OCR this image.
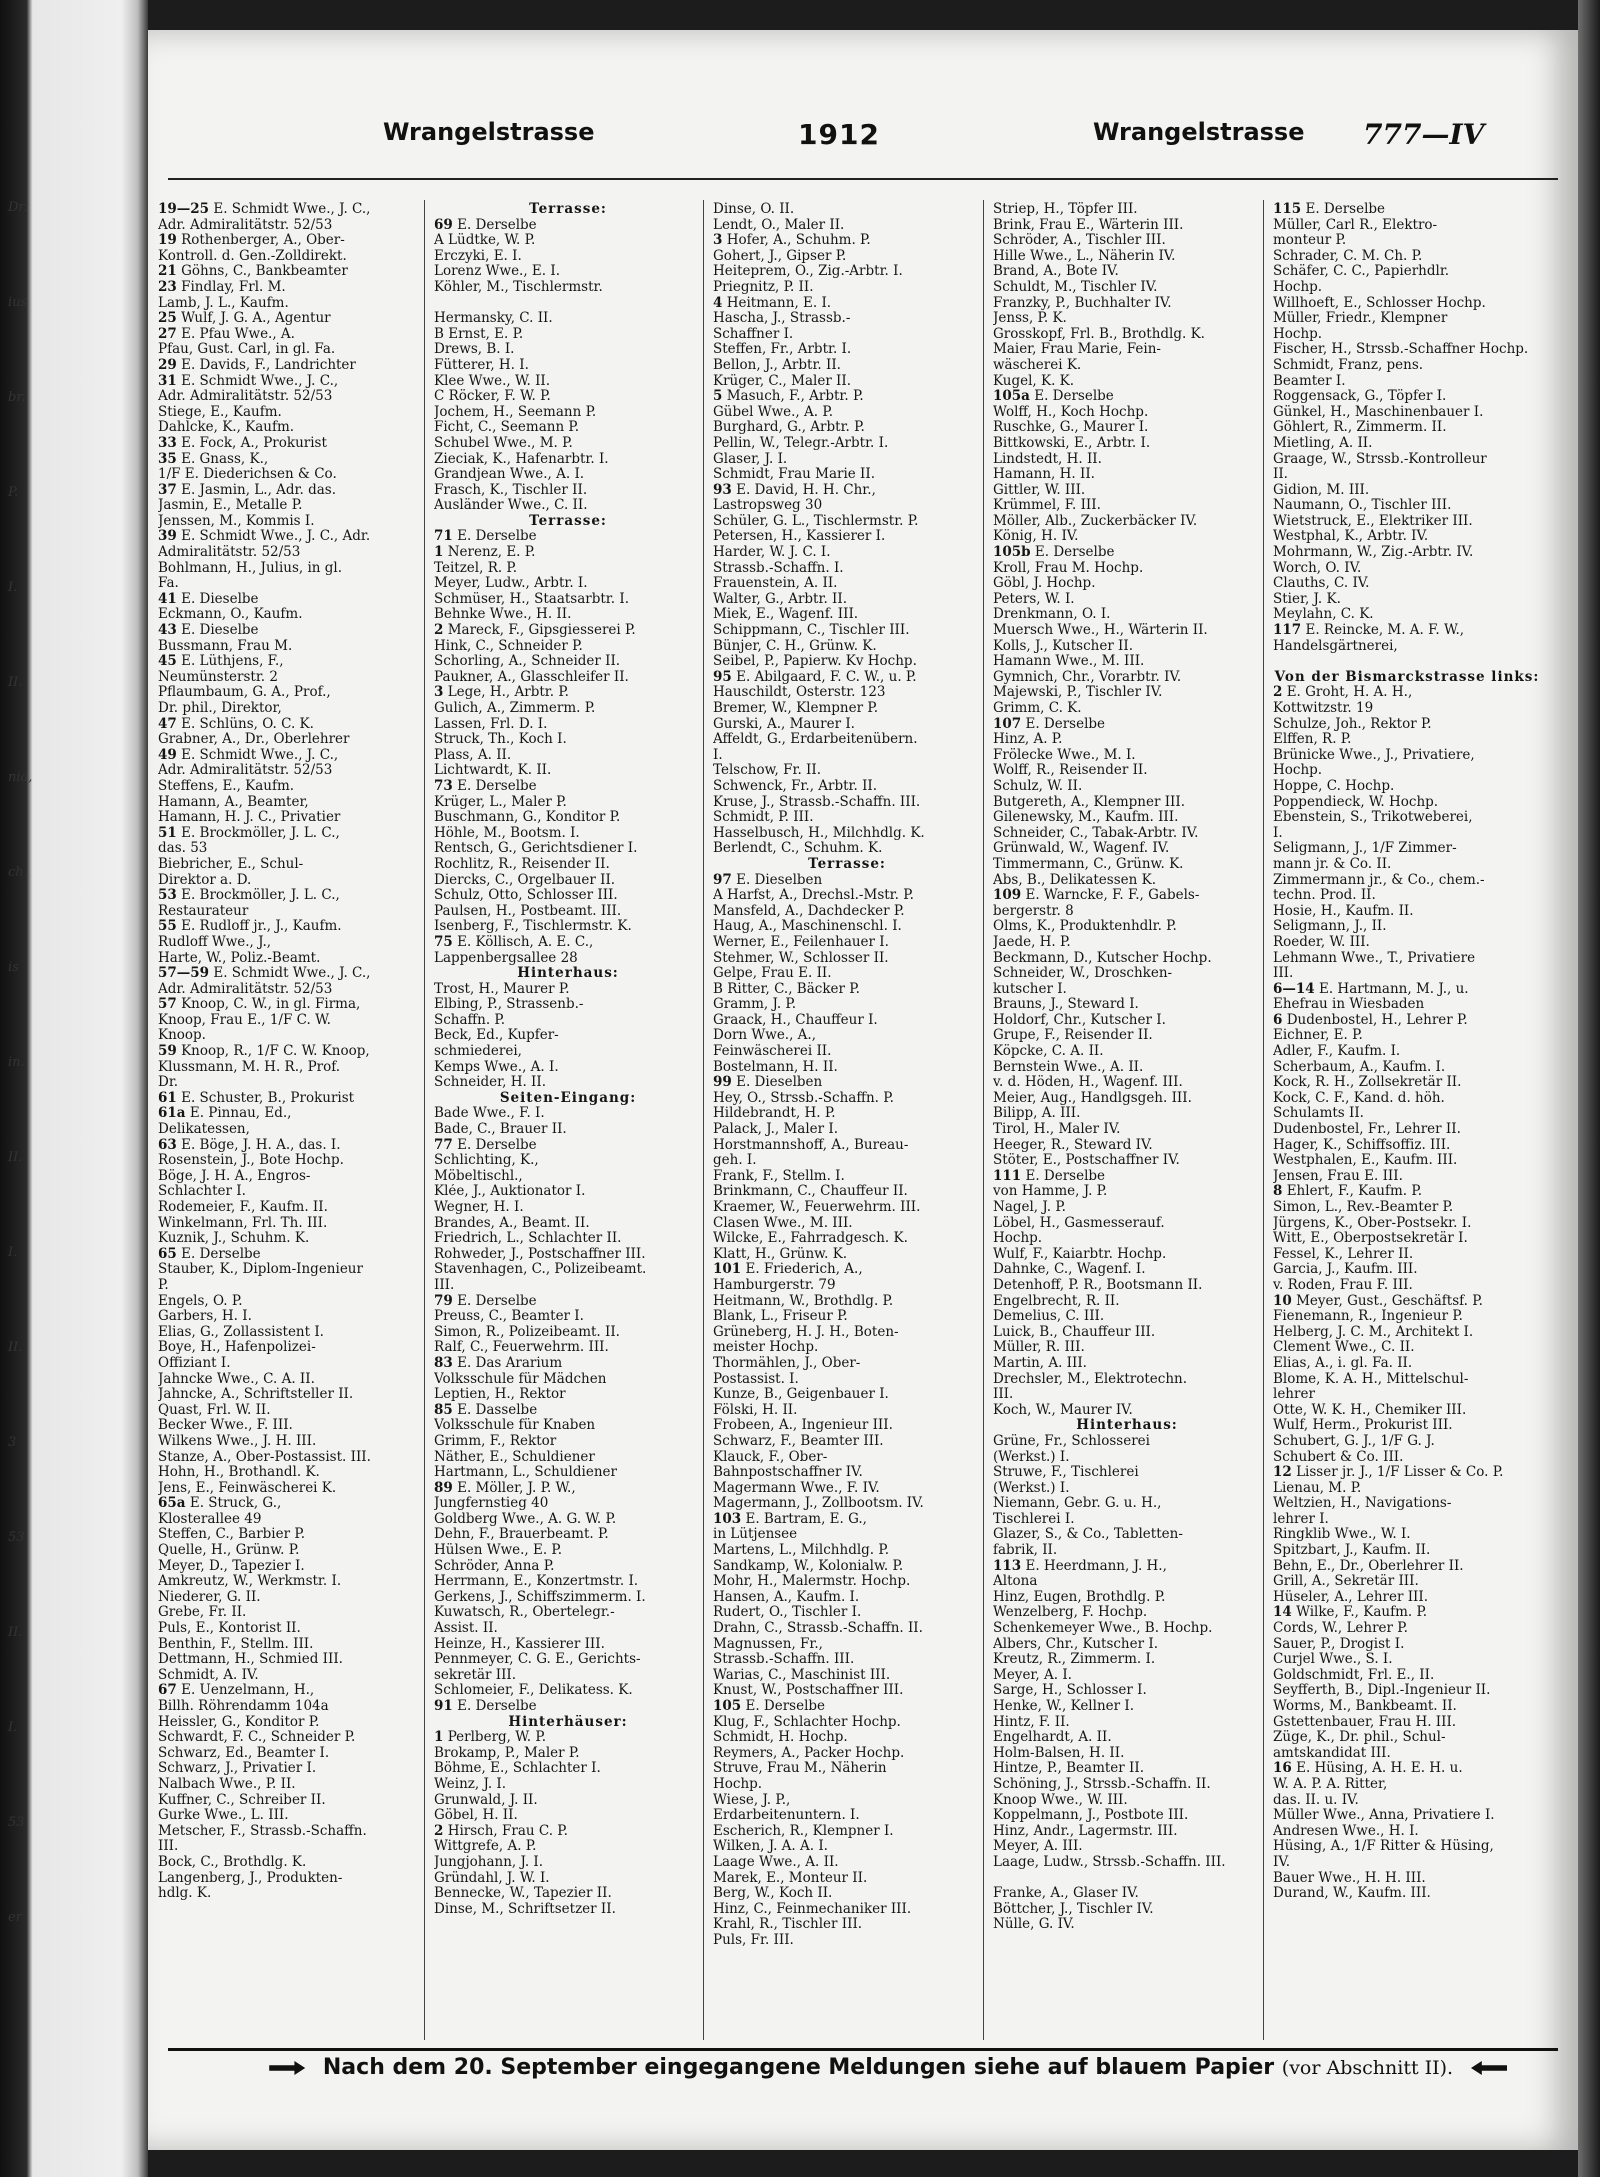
Dr.
ius
br.
P.
I.
II.
nia,
ch.
is
in.
II.
I.
II.
3
53
II.
I.
53
er
Wrangelstrasse	1912	Wrangelstrasse 777—IV
19—25 E. Schmidt Wwe., J. C.,
Adr. Admiralitätstr. 52/53
19 Rothenberger, A., Ober-
Kontroll. d. Gen.-Zolldirekt.
21 Göhns, C., Bankbeamter
23 Findlay, Frl. M.
Lamb, J. L., Kaufm.
25 Wulf, J. G. A., Agentur
27 E. Pfau Wwe., A.
Pfau, Gust. Carl, in gl. Fa.
29 E. Davids, F., Landrichter
31 E. Schmidt Wwe., J. C.,
Adr. Admiralitätstr. 52/53
Stiege, E., Kaufm.
Dahlcke, K., Kaufm.
33 E. Fock, A., Prokurist
35 E. Gnass, K.,
1/F E. Diederichsen & Co.
37 E. Jasmin, L., Adr. das.
Jasmin, E., Metalle P.
Jenssen, M., Kommis I.
39 E. Schmidt Wwe., J. C., Adr.
Admiralitätstr. 52/53
Bohlmann, H., Julius, in gl.
Fa.
41 E. Dieselbe
Eckmann, O., Kaufm.
43 E. Dieselbe
Bussmann, Frau M.
45 E. Lüthjens, F.,
Neumünsterstr. 2
Pflaumbaum, G. A., Prof.,
Dr. phil., Direktor,
47 E. Schlüns, O. C. K.
Grabner, A., Dr., Oberlehrer
49 E. Schmidt Wwe., J. C.,
Adr. Admiralitätstr. 52/53
Steffens, E., Kaufm.
Hamann, A., Beamter,
Hamann, H. J. C., Privatier
51 E. Brockmöller, J. L. C.,
das. 53
Biebricher, E., Schul-
Direktor a. D.
53 E. Brockmöller, J. L. C.,
Restaurateur
55 E. Rudloff jr., J., Kaufm.
Rudloff Wwe., J.,
Harte, W., Poliz.-Beamt.
57—59 E. Schmidt Wwe., J. C.,
Adr. Admiralitätstr. 52/53
57 Knoop, C. W., in gl. Firma,
Knoop, Frau E., 1/F C. W.
Knoop.
59 Knoop, R., 1/F C. W. Knoop,
Klussmann, M. H. R., Prof.
Dr.
61 E. Schuster, B., Prokurist
61a E. Pinnau, Ed.,
Delikatessen,
63 E. Böge, J. H. A., das. I.
Rosenstein, J., Bote Hochp.
Böge, J. H. A., Engros-
Schlachter I.
Rodemeier, F., Kaufm. II.
Winkelmann, Frl. Th. III.
Kuznik, J., Schuhm. K.
65 E. Derselbe
Stauber, K., Diplom-Ingenieur
P.
Engels, O. P.
Garbers, H. I.
Elias, G., Zollassistent I.
Boye, H., Hafenpolizei-
Offiziant I.
Jahncke Wwe., C. A. II.
Jahncke, A., Schriftsteller II.
Quast, Frl. W. II.
Becker Wwe., F. III.
Wilkens Wwe., J. H. III.
Stanze, A., Ober-Postassist. III.
Hohn, H., Brothandl. K.
Jens, E., Feinwäscherei K.
65a E. Struck, G.,
Klosterallee 49
Steffen, C., Barbier P.
Quelle, H., Grünw. P.
Meyer, D., Tapezier I.
Amkreutz, W., Werkmstr. I.
Niederer, G. II.
Grebe, Fr. II.
Puls, E., Kontorist II.
Benthin, F., Stellm. III.
Dettmann, H., Schmied III.
Schmidt, A. IV.
67 E. Uenzelmann, H.,
Billh. Röhrendamm 104a
Heissler, G., Konditor P.
Schwardt, F. C., Schneider P.
Schwarz, Ed., Beamter I.
Schwarz, J., Privatier I.
Nalbach Wwe., P. II.
Kuffner, C., Schreiber II.
Gurke Wwe., L. III.
Metscher, F., Strassb.-Schaffn.
III.
Bock, C., Brothdlg. K.
Langenberg, J., Produkten-
hdlg. K.
Terrasse:
69 E. Derselbe
A Lüdtke, W. P.
Erczyki, E. I.
Lorenz Wwe., E. I.
Köhler, M., Tischlermstr.
Hermansky, C. II.
B Ernst, E. P.
Drews, B. I.
Fütterer, H. I.
Klee Wwe., W. II.
C Röcker, F. W. P.
Jochem, H., Seemann P.
Ficht, C., Seemann P.
Schubel Wwe., M. P.
Zieciak, K., Hafenarbtr. I.
Grandjean Wwe., A. I.
Frasch, K., Tischler II.
Ausländer Wwe., C. II.
Terrasse:
71 E. Derselbe
1 Nerenz, E. P.
Teitzel, R. P.
Meyer, Ludw., Arbtr. I.
Schmüser, H., Staatsarbtr. I.
Behnke Wwe., H. II.
2 Mareck, F., Gipsgiesserei P.
Hink, C., Schneider P.
Schorling, A., Schneider II.
Paukner, A., Glasschleifer II.
3 Lege, H., Arbtr. P.
Gulich, A., Zimmerm. P.
Lassen, Frl. D. I.
Struck, Th., Koch I.
Plass, A. II.
Lichtwardt, K. II.
73 E. Derselbe
Krüger, L., Maler P.
Buschmann, G., Konditor P.
Höhle, M., Bootsm. I.
Rentsch, G., Gerichtsdiener I.
Rochlitz, R., Reisender II.
Diercks, C., Orgelbauer II.
Schulz, Otto, Schlosser III.
Paulsen, H., Postbeamt. III.
Isenberg, F., Tischlermstr. K.
75 E. Köllisch, A. E. C.,
Lappenbergsallee 28
Hinterhaus:
Trost, H., Maurer P.
Elbing, P., Strassenb.-
Schaffn. P.
Beck, Ed., Kupfer-
schmiederei,
Kemps Wwe., A. I.
Schneider, H. II.
Seiten-Eingang:
Bade Wwe., F. I.
Bade, C., Brauer II.
77 E. Derselbe
Schlichting, K.,
Möbeltischl.,
Klée, J., Auktionator I.
Wegner, H. I.
Brandes, A., Beamt. II.
Friedrich, L., Schlachter II.
Rohweder, J., Postschaffner III.
Stavenhagen, C., Polizeibeamt.
III.
79 E. Derselbe
Preuss, C., Beamter I.
Simon, R., Polizeibeamt. II.
Ralf, C., Feuerwehrm. III.
83 E. Das Ärarium
Volksschule für Mädchen
Leptien, H., Rektor
85 E. Dasselbe
Volksschule für Knaben
Grimm, F., Rektor
Näther, E., Schuldiener
Hartmann, L., Schuldiener
89 E. Möller, J. P. W.,
Jungfernstieg 40
Goldberg Wwe., A. G. W. P.
Dehn, F., Brauerbeamt. P.
Hülsen Wwe., E. P.
Schröder, Anna P.
Herrmann, E., Konzertmstr. I.
Gerkens, J., Schiffszimmerm. I.
Kuwatsch, R., Obertelegr.-
Assist. II.
Heinze, H., Kassierer III.
Pennmeyer, C. G. E., Gerichts-
sekretär III.
Schlomeier, F., Delikatess. K.
91 E. Derselbe
Hinterhäuser:
1 Perlberg, W. P.
Brokamp, P., Maler P.
Böhme, E., Schlachter I.
Weinz, J. I.
Grunwald, J. II.
Göbel, H. II.
2 Hirsch, Frau C. P.
Wittgrefe, A. P.
Jungjohann, J. I.
Gründahl, J. W. I.
Bennecke, W., Tapezier II.
Dinse, M., Schriftsetzer II.
Dinse, O. II.
Lendt, O., Maler II.
3 Hofer, A., Schuhm. P.
Gohert, J., Gipser P.
Heiteprem, O., Zig.-Arbtr. I.
Priegnitz, P. II.
4 Heitmann, E. I.
Hascha, J., Strassb.-
Schaffner I.
Steffen, Fr., Arbtr. I.
Bellon, J., Arbtr. II.
Krüger, C., Maler II.
5 Masuch, F., Arbtr. P.
Gübel Wwe., A. P.
Burghard, G., Arbtr. P.
Pellin, W., Telegr.-Arbtr. I.
Glaser, J. I.
Schmidt, Frau Marie II.
93 E. David, H. H. Chr.,
Lastropsweg 30
Schüler, G. L., Tischlermstr. P.
Petersen, H., Kassierer I.
Harder, W. J. C. I.
Strassb.-Schaffn. I.
Frauenstein, A. II.
Walter, G., Arbtr. II.
Miek, E., Wagenf. III.
Schippmann, C., Tischler III.
Bünjer, C. H., Grünw. K.
Seibel, P., Papierw. Kv Hochp.
95 E. Abilgaard, F. C. W., u. P.
Hauschildt, Osterstr. 123
Bremer, W., Klempner P.
Gurski, A., Maurer I.
Affeldt, G., Erdarbeitenübern.
I.
Telschow, Fr. II.
Schwenck, Fr., Arbtr. II.
Kruse, J., Strassb.-Schaffn. III.
Schmidt, P. III.
Hasselbusch, H., Milchhdlg. K.
Berlendt, C., Schuhm. K.
Terrasse:
97 E. Dieselben
A Harfst, A., Drechsl.-Mstr. P.
Mansfeld, A., Dachdecker P.
Haug, A., Maschinenschl. I.
Werner, E., Feilenhauer I.
Stehmer, W., Schlosser II.
Gelpe, Frau E. II.
B Ritter, C., Bäcker P.
Gramm, J. P.
Graack, H., Chauffeur I.
Dorn Wwe., A.,
Feinwäscherei II.
Bostelmann, H. II.
99 E. Dieselben
Hey, O., Strssb.-Schaffn. P.
Hildebrandt, H. P.
Palack, J., Maler I.
Horstmannshoff, A., Bureau-
geh. I.
Frank, F., Stellm. I.
Brinkmann, C., Chauffeur II.
Kraemer, W., Feuerwehrm. III.
Clasen Wwe., M. III.
Wilcke, E., Fahrradgesch. K.
Klatt, H., Grünw. K.
101 E. Friederich, A.,
Hamburgerstr. 79
Heitmann, W., Brothdlg. P.
Blank, L., Friseur P.
Grüneberg, H. J. H., Boten-
meister Hochp.
Thormählen, J., Ober-
Postassist. I.
Kunze, B., Geigenbauer I.
Fölski, H. II.
Frobeen, A., Ingenieur III.
Schwarz, F., Beamter III.
Klauck, F., Ober-
Bahnpostschaffner IV.
Magermann Wwe., F. IV.
Magermann, J., Zollbootsm. IV.
103 E. Bartram, E. G.,
in Lütjensee
Martens, L., Milchhdlg. P.
Sandkamp, W., Kolonialw. P.
Mohr, H., Malermstr. Hochp.
Hansen, A., Kaufm. I.
Rudert, O., Tischler I.
Drahn, C., Strassb.-Schaffn. II.
Magnussen, Fr.,
Strassb.-Schaffn. III.
Warias, C., Maschinist III.
Knust, W., Postschaffner III.
105 E. Derselbe
Klug, F., Schlachter Hochp.
Schmidt, H. Hochp.
Reymers, A., Packer Hochp.
Struve, Frau M., Näherin
Hochp.
Wiese, J. P.,
Erdarbeitenuntern. I.
Escherich, R., Klempner I.
Wilken, J. A. A. I.
Laage Wwe., A. II.
Marek, E., Monteur II.
Berg, W., Koch II.
Hinz, C., Feinmechaniker III.
Krahl, R., Tischler III.
Puls, Fr. III.
Striep, H., Töpfer III.
Brink, Frau E., Wärterin III.
Schröder, A., Tischler III.
Hille Wwe., L., Näherin IV.
Brand, A., Bote IV.
Schuldt, M., Tischler IV.
Franzky, P., Buchhalter IV.
Jenss, P. K.
Grosskopf, Frl. B., Brothdlg. K.
Maier, Frau Marie, Fein-
wäscherei K.
Kugel, K. K.
105a E. Derselbe
Wolff, H., Koch Hochp.
Ruschke, G., Maurer I.
Bittkowski, E., Arbtr. I.
Lindstedt, H. II.
Hamann, H. II.
Gittler, W. III.
Krümmel, F. III.
Möller, Alb., Zuckerbäcker IV.
König, H. IV.
105b E. Derselbe
Kroll, Frau M. Hochp.
Göbl, J. Hochp.
Peters, W. I.
Drenkmann, O. I.
Muersch Wwe., H., Wärterin II.
Kolls, J., Kutscher II.
Hamann Wwe., M. III.
Gymnich, Chr., Vorarbtr. IV.
Majewski, P., Tischler IV.
Grimm, C. K.
107 E. Derselbe
Hinz, A. P.
Frölecke Wwe., M. I.
Wolff, R., Reisender II.
Schulz, W. II.
Butgereth, A., Klempner III.
Gilenewsky, M., Kaufm. III.
Schneider, C., Tabak-Arbtr. IV.
Grünwald, W., Wagenf. IV.
Timmermann, C., Grünw. K.
Abs, B., Delikatessen K.
109 E. Warncke, F. F., Gabels-
bergerstr. 8
Olms, K., Produktenhdlr. P.
Jaede, H. P.
Beckmann, D., Kutscher Hochp.
Schneider, W., Droschken-
kutscher I.
Brauns, J., Steward I.
Holdorf, Chr., Kutscher I.
Grupe, F., Reisender II.
Köpcke, C. A. II.
Bernstein Wwe., A. II.
v. d. Höden, H., Wagenf. III.
Meier, Aug., Handlgsgeh. III.
Bilipp, A. III.
Tirol, H., Maler IV.
Heeger, R., Steward IV.
Stöter, E., Postschaffner IV.
111 E. Derselbe
von Hamme, J. P.
Nagel, J. P.
Löbel, H., Gasmesserauf.
Hochp.
Wulf, F., Kaiarbtr. Hochp.
Dahnke, C., Wagenf. I.
Detenhoff, P. R., Bootsmann II.
Engelbrecht, R. II.
Demelius, C. III.
Luick, B., Chauffeur III.
Müller, R. III.
Martin, A. III.
Drechsler, M., Elektrotechn.
III.
Koch, W., Maurer IV.
Hinterhaus:
Grüne, Fr., Schlosserei
(Werkst.) I.
Struwe, F., Tischlerei
(Werkst.) I.
Niemann, Gebr. G. u. H.,
Tischlerei I.
Glazer, S., & Co., Tabletten-
fabrik, II.
113 E. Heerdmann, J. H.,
Altona
Hinz, Eugen, Brothdlg. P.
Wenzelberg, F. Hochp.
Schenkemeyer Wwe., B. Hochp.
Albers, Chr., Kutscher I.
Kreutz, R., Zimmerm. I.
Meyer, A. I.
Sarge, H., Schlosser I.
Henke, W., Kellner I.
Hintz, F. II.
Engelhardt, A. II.
Holm-Balsen, H. II.
Hintze, P., Beamter II.
Schöning, J., Strssb.-Schaffn. II.
Knoop Wwe., W. III.
Koppelmann, J., Postbote III.
Hinz, Andr., Lagermstr. III.
Meyer, A. III.
Laage, Ludw., Strssb.-Schaffn. III.
Franke, A., Glaser IV.
Böttcher, J., Tischler IV.
Nülle, G. IV.
115 E. Derselbe
Müller, Carl R., Elektro-
monteur P.
Schrader, C. M. Ch. P.
Schäfer, C. C., Papierhdlr.
Hochp.
Willhoeft, E., Schlosser Hochp.
Müller, Friedr., Klempner
Hochp.
Fischer, H., Strssb.-Schaffner Hochp.
Schmidt, Franz, pens.
Beamter I.
Roggensack, G., Töpfer I.
Günkel, H., Maschinenbauer I.
Göhlert, R., Zimmerm. II.
Mietling, A. II.
Graage, W., Strssb.-Kontrolleur
II.
Gidion, M. III.
Naumann, O., Tischler III.
Wietstruck, E., Elektriker III.
Westphal, K., Arbtr. IV.
Mohrmann, W., Zig.-Arbtr. IV.
Worch, O. IV.
Clauths, C. IV.
Stier, J. K.
Meylahn, C. K.
117 E. Reincke, M. A. F. W.,
Handelsgärtnerei,
Von der Bismarckstrasse links:
2 E. Groht, H. A. H.,
Kottwitzstr. 19
Schulze, Joh., Rektor P.
Elffen, R. P.
Brünicke Wwe., J., Privatiere,
Hochp.
Hoppe, C. Hochp.
Poppendieck, W. Hochp.
Ebenstein, S., Trikotweberei,
I.
Seligmann, J., 1/F Zimmer-
mann jr. & Co. II.
Zimmermann jr., & Co., chem.-
techn. Prod. II.
Hosie, H., Kaufm. II.
Seligmann, J., II.
Roeder, W. III.
Lehmann Wwe., T., Privatiere
III.
6—14 E. Hartmann, M. J., u.
Ehefrau in Wiesbaden
6 Dudenbostel, H., Lehrer P.
Eichner, E. P.
Adler, F., Kaufm. I.
Scherbaum, A., Kaufm. I.
Kock, R. H., Zollsekretär II.
Kock, C. F., Kand. d. höh.
Schulamts II.
Dudenbostel, Fr., Lehrer II.
Hager, K., Schiffsoffiz. III.
Westphalen, E., Kaufm. III.
Jensen, Frau E. III.
8 Ehlert, F., Kaufm. P.
Simon, L., Rev.-Beamter P.
Jürgens, K., Ober-Postsekr. I.
Witt, E., Oberpostsekretär I.
Fessel, K., Lehrer II.
Garcia, J., Kaufm. III.
v. Roden, Frau F. III.
10 Meyer, Gust., Geschäftsf. P.
Fienemann, R., Ingenieur P.
Helberg, J. C. M., Architekt I.
Clement Wwe., C. II.
Elias, A., i. gl. Fa. II.
Blome, K. A. H., Mittelschul-
lehrer
Otte, W. K. H., Chemiker III.
Wulf, Herm., Prokurist III.
Schubert, G. J., 1/F G. J.
Schubert & Co. III.
12 Lisser jr. J., 1/F Lisser & Co. P.
Lienau, M. P.
Weltzien, H., Navigations-
lehrer I.
Ringklib Wwe., W. I.
Spitzbart, J., Kaufm. II.
Behn, E., Dr., Oberlehrer II.
Grill, A., Sekretär III.
Hüseler, A., Lehrer III.
14 Wilke, F., Kaufm. P.
Cords, W., Lehrer P.
Sauer, P., Drogist I.
Curjel Wwe., S. I.
Goldschmidt, Frl. E., II.
Seyfferth, B., Dipl.-Ingenieur II.
Worms, M., Bankbeamt. II.
Gstettenbauer, Frau H. III.
Züge, K., Dr. phil., Schul-
amtskandidat III.
16 E. Hüsing, A. H. E. H. u.
W. A. P. A. Ritter,
das. II. u. IV.
Müller Wwe., Anna, Privatiere I.
Andresen Wwe., H. I.
Hüsing, A., 1/F Ritter & Hüsing,
IV.
Bauer Wwe., H. H. III.
Durand, W., Kaufm. III.
Nach dem 20. September eingegangene Meldungen siehe auf blauem Papier (vor Abschnitt II).
